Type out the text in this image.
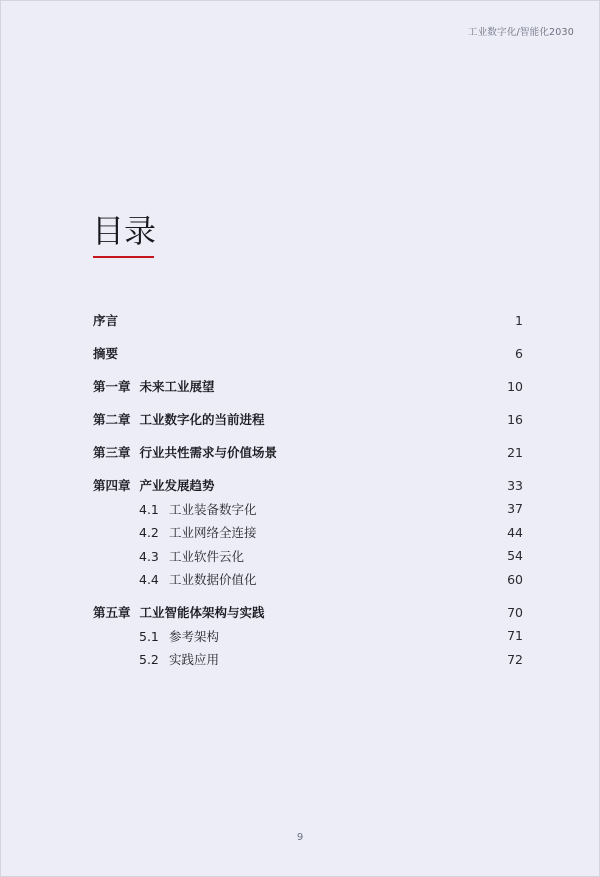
工业数字化/智能化2030
目录
序言	1
摘要	6
第一章 未来工业展望	10
第二章 工业数字化的当前进程	16
第三章 行业共性需求与价值场景	21
第四章 产业发展趋势	33
4.1 工业装备数字化	37
4.2 工业网络全连接	44
4.3 工业软件云化	54
4.4 工业数据价值化	60
第五章 工业智能体架构与实践	70
5.1 参考架构	71
5.2 实践应用	72
9
